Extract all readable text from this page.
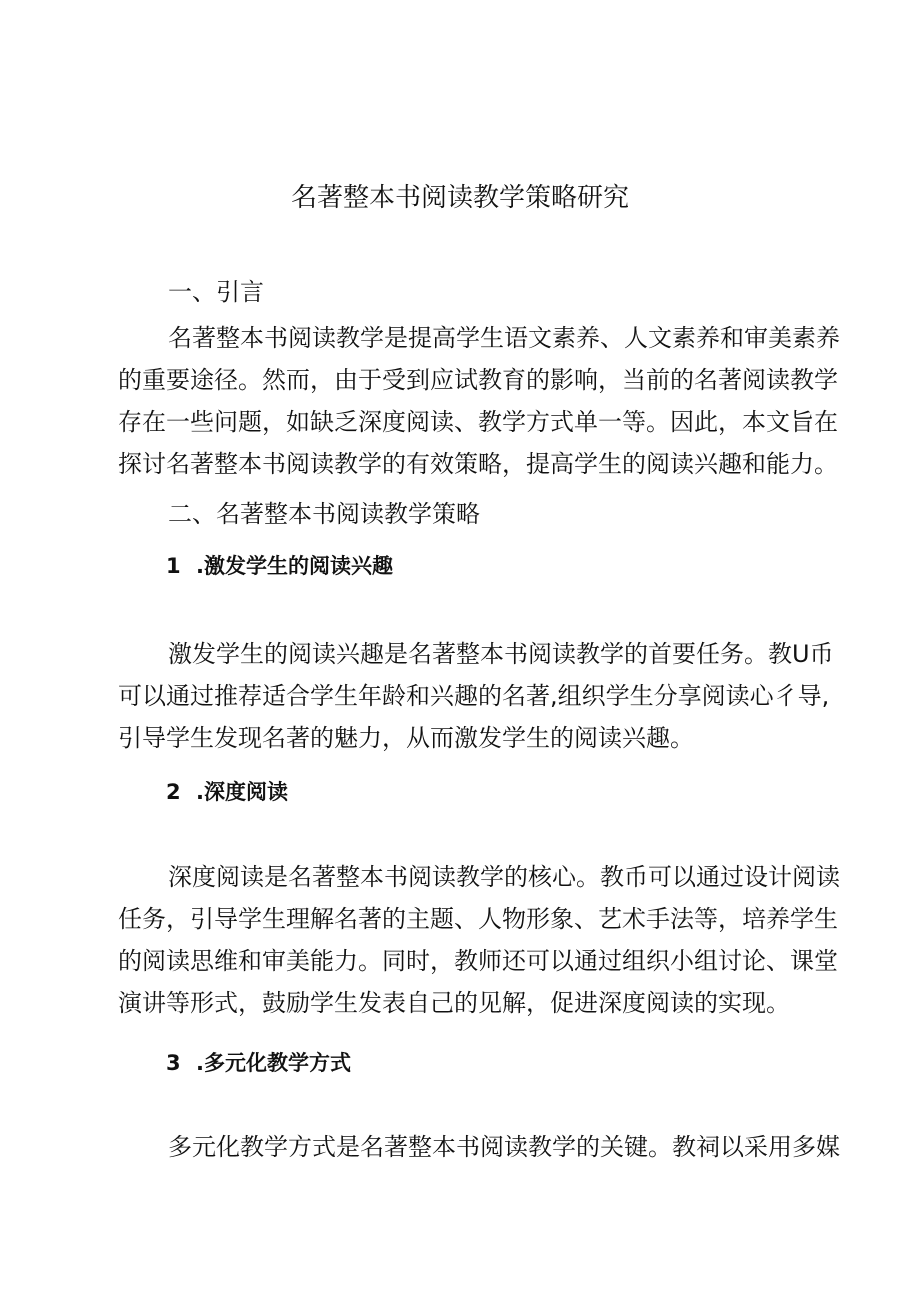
名著整本书阅读教学策略研究
一、引言
名著整本书阅读教学是提高学生语文素养、人文素养和审美素养
的重要途径。然而，由于受到应试教育的影响，当前的名著阅读教学
存在一些问题，如缺乏深度阅读、教学方式单一等。因此，本文旨在
探讨名著整本书阅读教学的有效策略，提高学生的阅读兴趣和能力。
二、名著整本书阅读教学策略
1 .激发学生的阅读兴趣
激发学生的阅读兴趣是名著整本书阅读教学的首要任务。教U币
可以通过推荐适合学生年龄和兴趣的名著,组织学生分享阅读心彳导,
引导学生发现名著的魅力，从而激发学生的阅读兴趣。
2 .深度阅读
深度阅读是名著整本书阅读教学的核心。教币可以通过设计阅读
任务，引导学生理解名著的主题、人物形象、艺术手法等，培养学生
的阅读思维和审美能力。同时，教师还可以通过组织小组讨论、课堂
演讲等形式，鼓励学生发表自己的见解，促进深度阅读的实现。
3 .多元化教学方式
多元化教学方式是名著整本书阅读教学的关键。教祠以采用多媒
